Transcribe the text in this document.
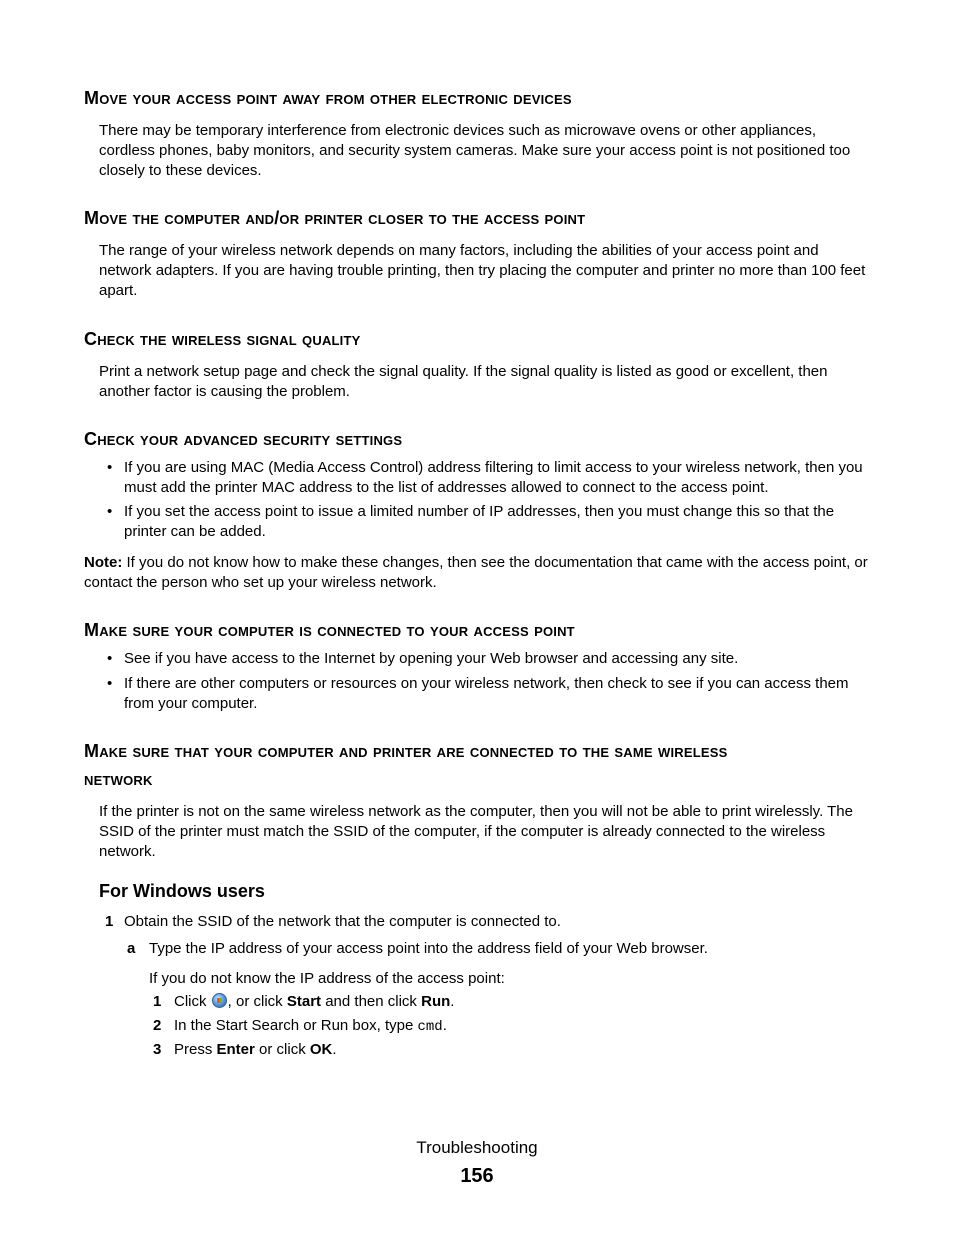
Move your access point away from other electronic devices

There may be temporary interference from electronic devices such as microwave ovens or other appliances, cordless phones, baby monitors, and security system cameras. Make sure your access point is not positioned too closely to these devices.

Move the computer and/or printer closer to the access point

The range of your wireless network depends on many factors, including the abilities of your access point and network adapters. If you are having trouble printing, then try placing the computer and printer no more than 100 feet apart.

Check the wireless signal quality

Print a network setup page and check the signal quality. If the signal quality is listed as good or excellent, then another factor is causing the problem.

Check your advanced security settings
• If you are using MAC (Media Access Control) address filtering to limit access to your wireless network, then you must add the printer MAC address to the list of addresses allowed to connect to the access point.
• If you set the access point to issue a limited number of IP addresses, then you must change this so that the printer can be added.

Note: If you do not know how to make these changes, then see the documentation that came with the access point, or contact the person who set up your wireless network.

Make sure your computer is connected to your access point
• See if you have access to the Internet by opening your Web browser and accessing any site.
• If there are other computers or resources on your wireless network, then check to see if you can access them from your computer.
Make sure that your computer and printer are connected to the same wireless
network

If the printer is not on the same wireless network as the computer, then you will not be able to print wirelessly. The SSID of the printer must match the SSID of the computer, if the computer is already connected to the wireless network.

For Windows users
1 Obtain the SSID of the network that the computer is connected to.
a Type the IP address of your access point into the address field of your Web browser.
If you do not know the IP address of the access point:
1 Click , or click Start and then click Run.
2 In the Start Search or Run box, type cmd.
3 Press Enter or click OK.
Troubleshooting
156
